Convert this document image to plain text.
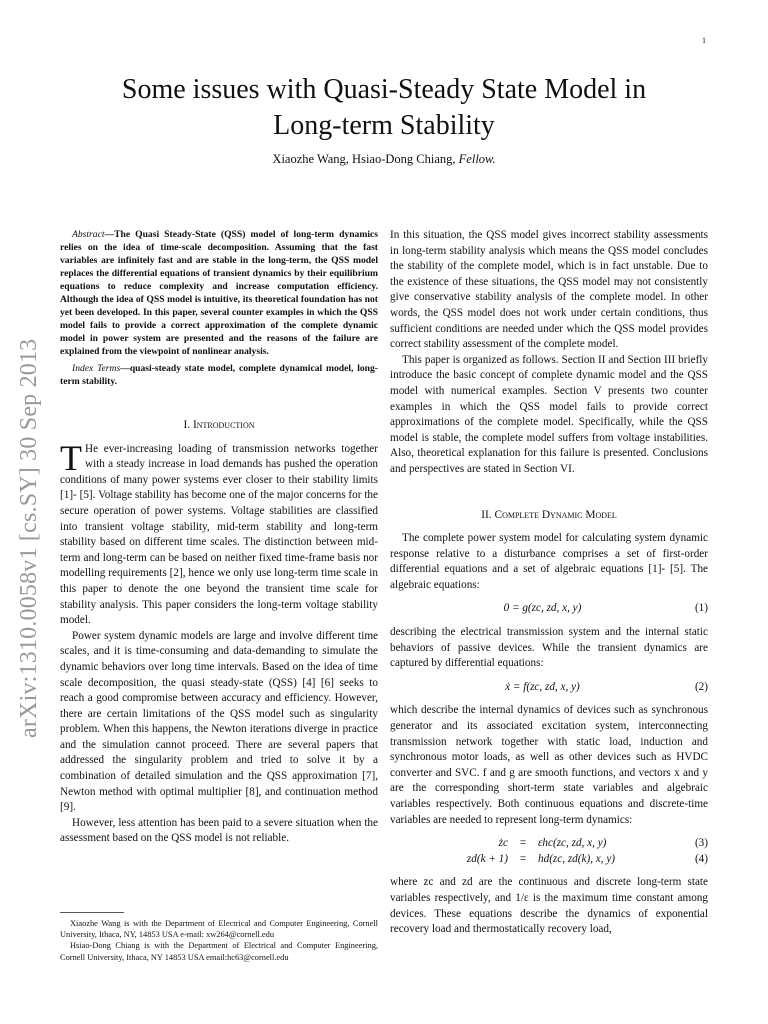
1
arXiv:1310.0058v1 [cs.SY] 30 Sep 2013
Some issues with Quasi-Steady State Model in
Long-term Stability
Xiaozhe Wang, Hsiao-Dong Chiang, Fellow.

Abstract—The Quasi Steady-State (QSS) model of long-term dynamics relies on the idea of time-scale decomposition. Assuming that the fast variables are infinitely fast and are stable in the long-term, the QSS model replaces the differential equations of transient dynamics by their equilibrium equations to reduce complexity and increase computation efficiency. Although the idea of QSS model is intuitive, its theoretical foundation has not yet been developed. In this paper, several counter examples in which the QSS model fails to provide a correct approximation of the complete dynamic model in power system are presented and the reasons of the failure are explained from the viewpoint of nonlinear analysis.

Index Terms—quasi-steady state model, complete dynamical model, long-term stability.

I. Introduction

T He ever-increasing loading of transmission networks together with a steady increase in load demands has pushed the operation conditions of many power systems ever closer to their stability limits [1]- [5]. Voltage stability has become one of the major concerns for the secure operation of power systems. Voltage stabilities are classified into transient voltage stability, mid-term stability and long-term stability based on different time scales. The distinction between mid-term and long-term can be based on neither fixed time-frame basis nor modelling requirements [2], hence we only use long-term time scale in this paper to denote the one beyond the transient time scale for stability analysis. This paper considers the long-term voltage stability model.

Power system dynamic models are large and involve different time scales, and it is time-consuming and data-demanding to simulate the dynamic behaviors over long time intervals. Based on the idea of time scale decomposition, the quasi steady-state (QSS) [4] [6] seeks to reach a good compromise between accuracy and efficiency. However, there are certain limitations of the QSS model such as singularity problem. When this happens, the Newton iterations diverge in practice and the simulation cannot proceed. There are several papers that addressed the singularity problem and tried to solve it by a combination of detailed simulation and the QSS approximation [7], Newton method with optimal multiplier [8], and continuation method [9].

However, less attention has been paid to a severe situation when the assessment based on the QSS model is not reliable.

Xiaozhe Wang is with the Department of Electrical and Computer Engineering, Cornell University, Ithaca, NY, 14853 USA e-mail: xw264@cornell.edu

Hsiao-Dong Chiang is with the Department of Electrical and Computer Engineering, Cornell University, Ithaca, NY 14853 USA email:hc63@cornell.edu

In this situation, the QSS model gives incorrect stability assessments in long-term stability analysis which means the QSS model concludes the stability of the complete model, which is in fact unstable. Due to the existence of these situations, the QSS model may not consistently give conservative stability analysis of the complete model. In other words, the QSS model does not work under certain conditions, thus sufficient conditions are needed under which the QSS model provides correct stability assessment of the complete model.

This paper is organized as follows. Section II and Section III briefly introduce the basic concept of complete dynamic model and the QSS model with numerical examples. Section V presents two counter examples in which the QSS model fails to provide correct approximations of the complete model. Specifically, while the QSS model is stable, the complete model suffers from voltage instabilities. Also, theoretical explanation for this failure is presented. Conclusions and perspectives are stated in Section VI.

II. Complete Dynamic Model

The complete power system model for calculating system dynamic response relative to a disturbance comprises a set of first-order differential equations and a set of algebraic equations [1]- [5]. The algebraic equations:

0 = g(zc, zd, x, y)	(1)

describing the electrical transmission system and the internal static behaviors of passive devices. While the transient dynamics are captured by differential equations:

ẋ = f(zc, zd, x, y)	(2)

which describe the internal dynamics of devices such as synchronous generator and its associated excitation system, interconnecting transmission network together with static load, induction and synchronous motor loads, as well as other devices such as HVDC converter and SVC. f and g are smooth functions, and vectors x and y are the corresponding short-term state variables and algebraic variables respectively. Both continuous equations and discrete-time variables are needed to represent long-term dynamics:

żc	=	εhc(zc, zd, x, y)	(3)
zd(k + 1)	=	hd(zc, zd(k), x, y)	(4)

where zc and zd are the continuous and discrete long-term state variables respectively, and 1/ε is the maximum time constant among devices. These equations describe the dynamics of exponential recovery load and thermostatically recovery load,
